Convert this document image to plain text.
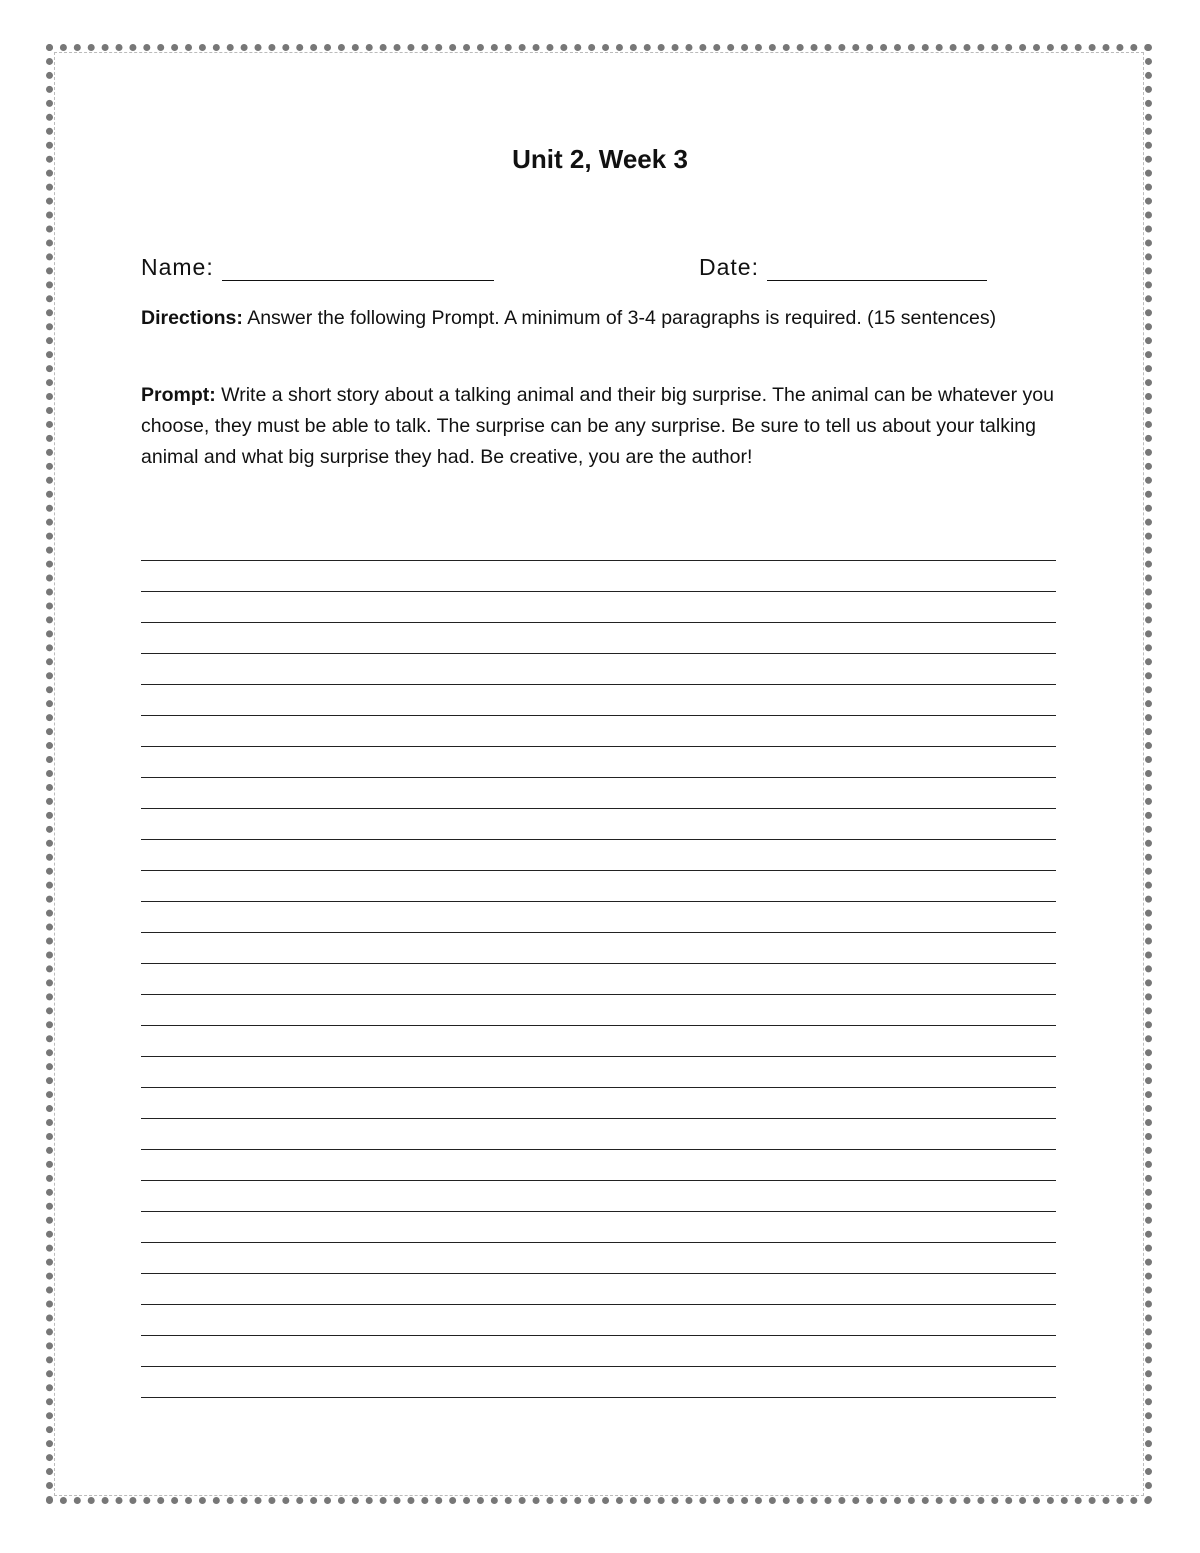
Unit 2, Week 3
Name:	Date:
Directions: Answer the following Prompt. A minimum of 3-4 paragraphs is required. (15 sentences)
Prompt: Write a short story about a talking animal and their big surprise. The animal can be whatever you choose, they must be able to talk. The surprise can be any surprise. Be sure to tell us about your talking animal and what big surprise they had. Be creative, you are the author!
